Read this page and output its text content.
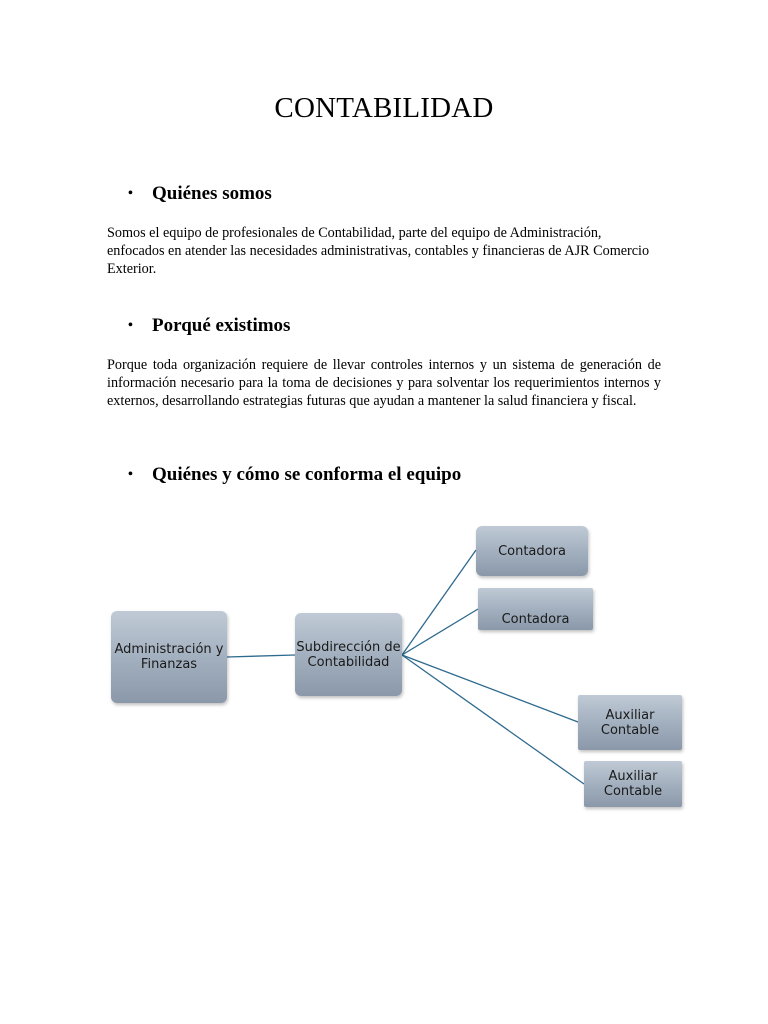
CONTABILIDAD
•	Quiénes somos

Somos el equipo de profesionales de Contabilidad, parte del equipo de Administración, enfocados en atender las necesidades administrativas, contables y financieras de AJR Comercio Exterior.

•	Porqué existimos

Porque toda organización requiere de llevar controles internos y un sistema de generación de información necesario para la toma de decisiones y para solventar los requerimientos internos y externos, desarrollando estrategias futuras que ayudan a mantener la salud financiera y fiscal.

•	Quiénes y cómo se conforma el equipo
Administración y Finanzas
Subdirección de Contabilidad
Contadora
Contadora
Auxiliar Contable
Auxiliar Contable
